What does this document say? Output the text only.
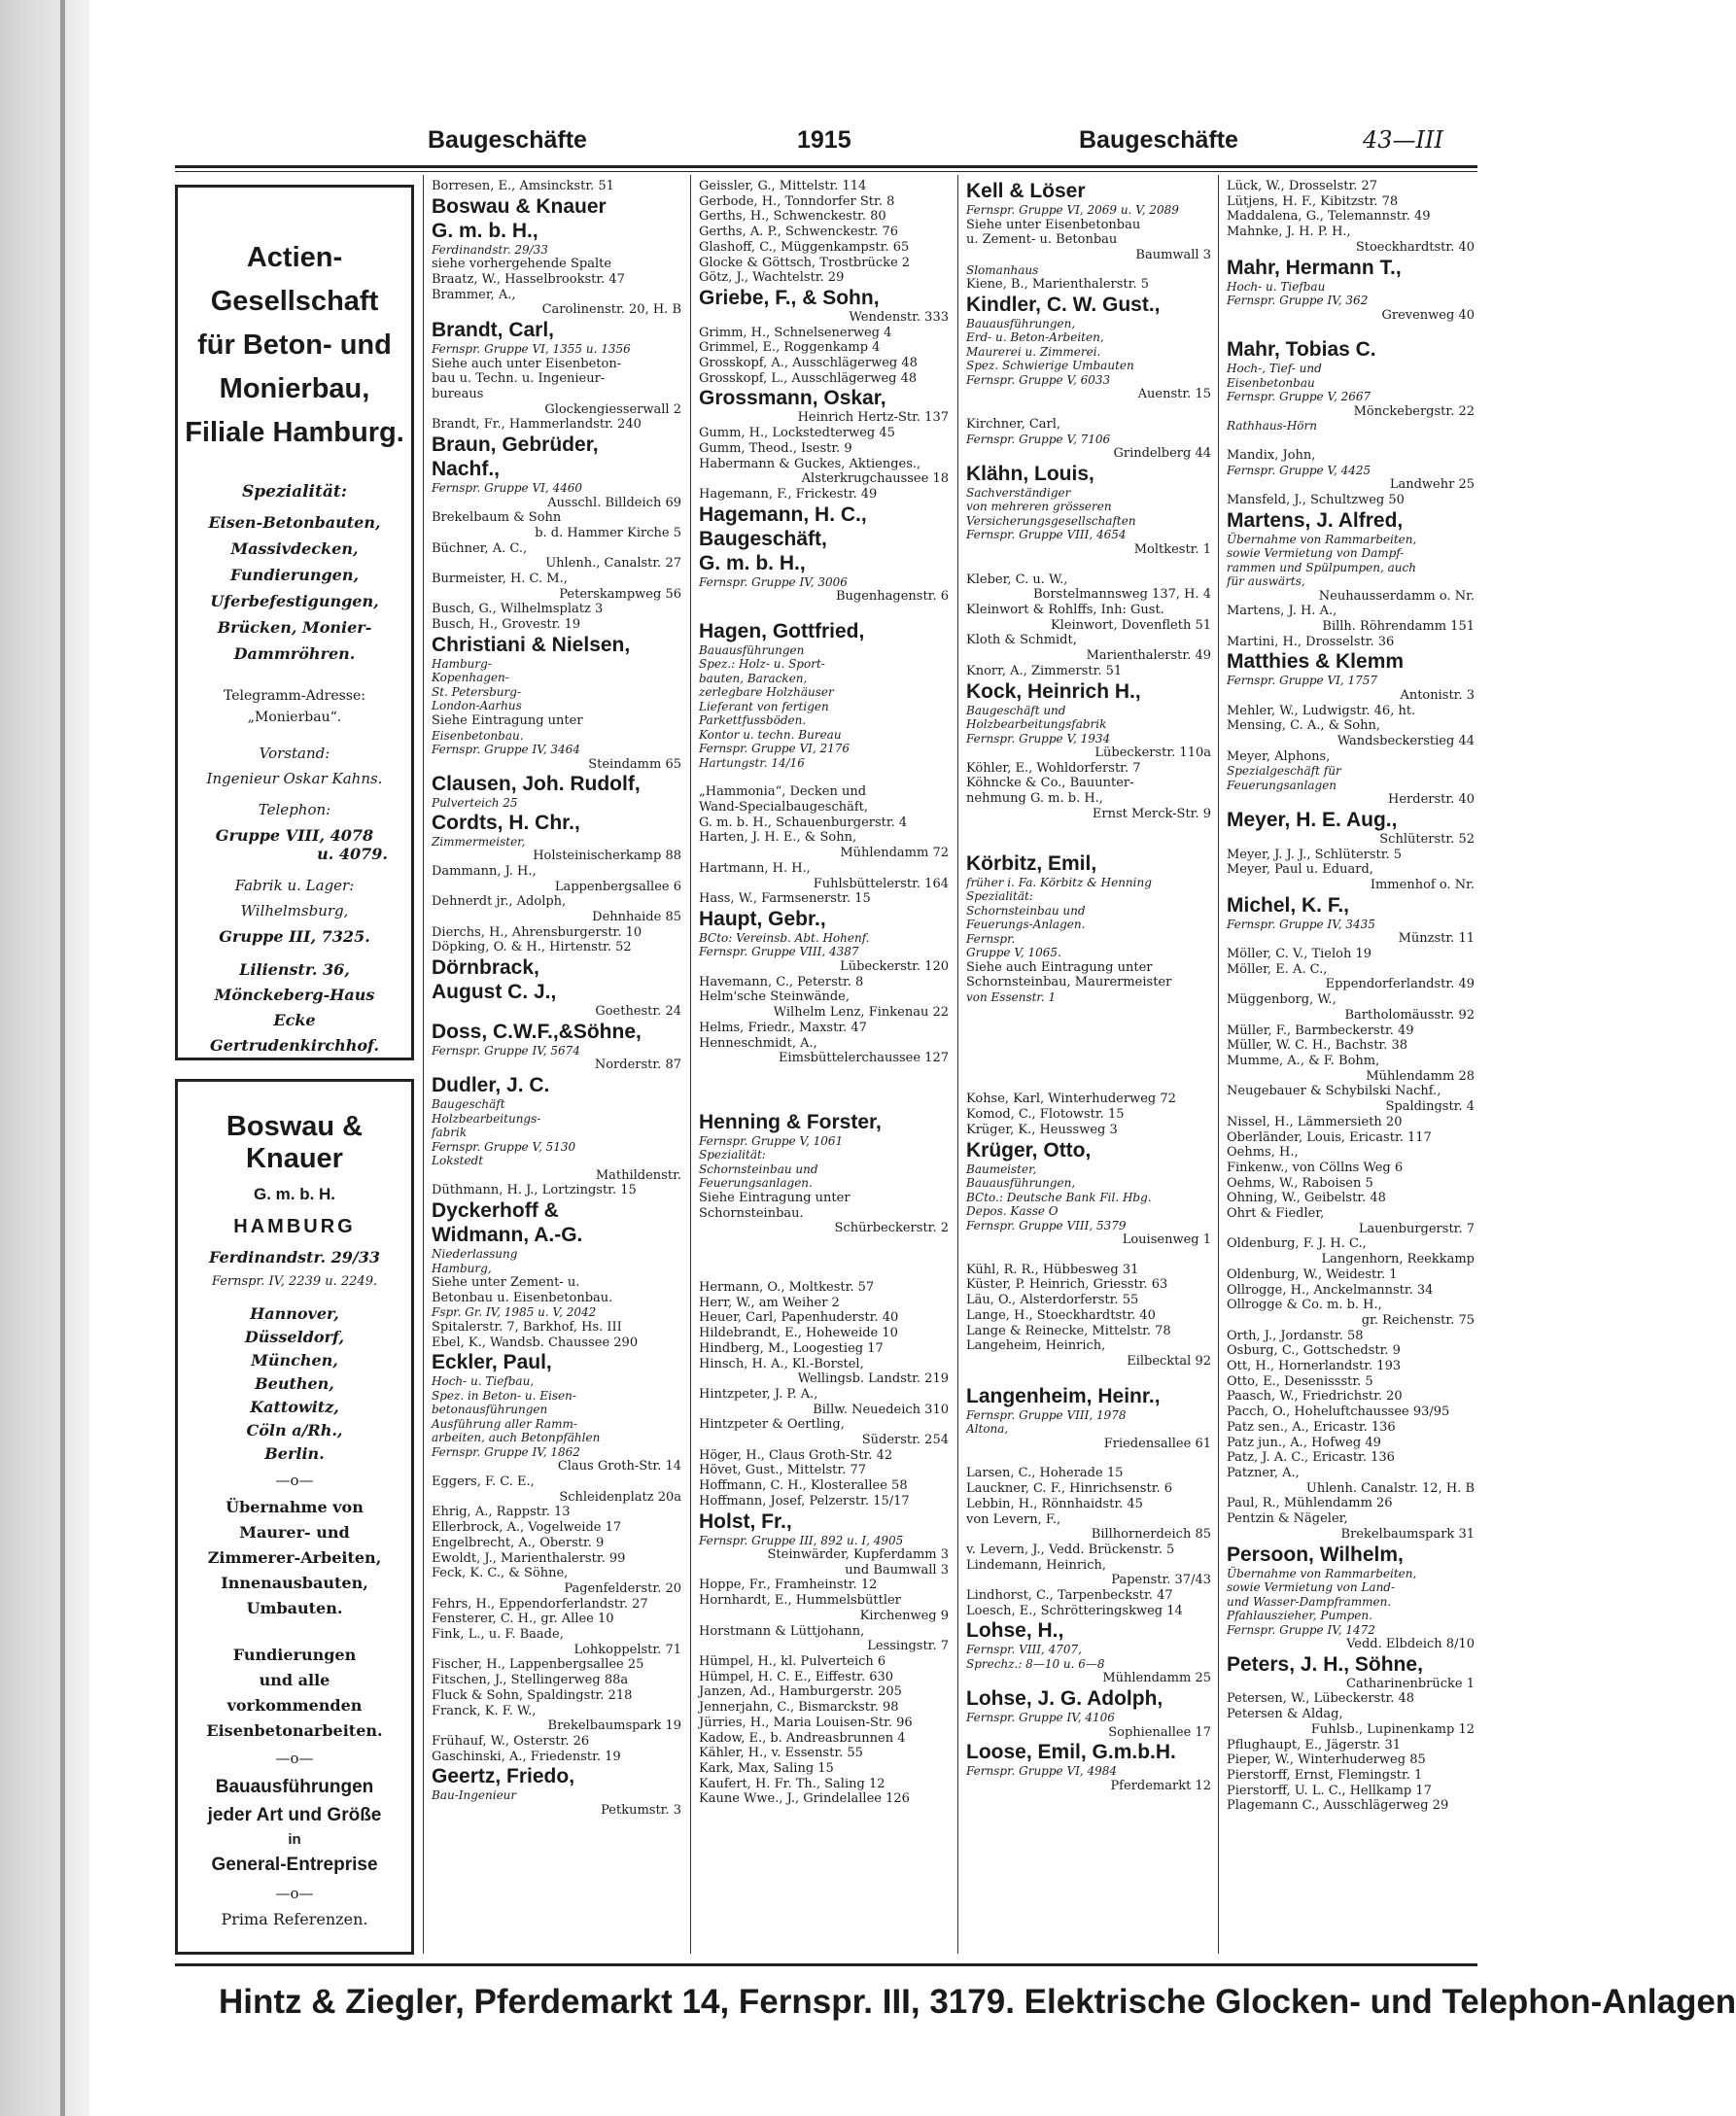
Baugeschäfte	1915	Baugeschäfte	43—III
Actien-Gesellschaft
für Beton- und
Monierbau,
Filiale Hamburg.
Spezialität:
Eisen-Betonbauten,
Massivdecken,
Fundierungen,
Uferbefestigungen,
Brücken, Monier-
Dammröhren.
Telegramm-Adresse:
„Monierbau“.
Vorstand:
Ingenieur Oskar Kahns.
Telephon:
Gruppe VIII, 4078
u. 4079.
Fabrik u. Lager:
Wilhelmsburg,
Gruppe III, 7325.
Lilienstr. 36,
Mönckeberg-Haus
Ecke
Gertrudenkirchhof.
Boswau & Knauer
G. m. b. H.
HAMBURG
Ferdinandstr. 29/33
Fernspr. IV, 2239 u. 2249.
Hannover,
Düsseldorf,
München,
Beuthen,
Kattowitz,
Cöln a/Rh.,
Berlin.
—o—
Übernahme von
Maurer- und
Zimmerer-Arbeiten,
Innenausbauten,
Umbauten.
Fundierungen
und alle
vorkommenden
Eisenbetonarbeiten.
—o—
Bauausführungen
jeder Art und Größe
in
General-Entreprise
—o—
Prima Referenzen.
Borresen, E., Amsinckstr. 51
Boswau & Knauer
G. m. b. H.,
Ferdinandstr. 29/33
siehe vorhergehende Spalte
Braatz, W., Hasselbrookstr. 47
Brammer, A.,
Carolinenstr. 20, H. B
Brandt, Carl,
Fernspr. Gruppe VI, 1355 u. 1356
Siehe auch unter Eisenbeton-
bau u. Techn. u. Ingenieur-
bureaus
Glockengiesserwall 2
Brandt, Fr., Hammerlandstr. 240
Braun, Gebrüder,
Nachf.,
Fernspr. Gruppe VI, 4460
Ausschl. Billdeich 69
Brekelbaum & Sohn
b. d. Hammer Kirche 5
Büchner, A. C.,
Uhlenh., Canalstr. 27
Burmeister, H. C. M.,
Peterskampweg 56
Busch, G., Wilhelmsplatz 3
Busch, H., Grovestr. 19
Christiani & Nielsen,
Hamburg-
Kopenhagen-
St. Petersburg-
London-Aarhus
Siehe Eintragung unter
Eisenbetonbau.
Fernspr. Gruppe IV, 3464
Steindamm 65
Clausen, Joh. Rudolf,
Pulverteich 25
Cordts, H. Chr.,
Zimmermeister,
Holsteinischerkamp 88
Dammann, J. H.,
Lappenbergsallee 6
Dehnerdt jr., Adolph,
Dehnhaide 85
Dierchs, H., Ahrensburgerstr. 10
Döpking, O. & H., Hirtenstr. 52
Dörnbrack,
August C. J.,
Goethestr. 24
Doss, C.W.F.,&Söhne,
Fernspr. Gruppe IV, 5674
Norderstr. 87
Dudler, J. C.
Baugeschäft
Holzbearbeitungs-
fabrik
Fernspr. Gruppe V, 5130
Lokstedt
Mathildenstr.
Düthmann, H. J., Lortzingstr. 15
Dyckerhoff &
Widmann, A.-G.
Niederlassung
Hamburg,
Siehe unter Zement- u.
Betonbau u. Eisenbetonbau.
Fspr. Gr. IV, 1985 u. V, 2042
Spitalerstr. 7, Barkhof, Hs. III
Ebel, K., Wandsb. Chaussee 290
Eckler, Paul,
Hoch- u. Tiefbau,
Spez. in Beton- u. Eisen-
betonausführungen
Ausführung aller Ramm-
arbeiten, auch Betonpfählen
Fernspr. Gruppe IV, 1862
Claus Groth-Str. 14
Eggers, F. C. E.,
Schleidenplatz 20a
Ehrig, A., Rappstr. 13
Ellerbrock, A., Vogelweide 17
Engelbrecht, A., Oberstr. 9
Ewoldt, J., Marienthalerstr. 99
Feck, K. C., & Söhne,
Pagenfelderstr. 20
Fehrs, H., Eppendorferlandstr. 27
Fensterer, C. H., gr. Allee 10
Fink, L., u. F. Baade,
Lohkoppelstr. 71
Fischer, H., Lappenbergsallee 25
Fitschen, J., Stellingerweg 88a
Fluck & Sohn, Spaldingstr. 218
Franck, K. F. W.,
Brekelbaumspark 19
Frühauf, W., Osterstr. 26
Gaschinski, A., Friedenstr. 19
Geertz, Friedo,
Bau-Ingenieur
Petkumstr. 3
Geissler, G., Mittelstr. 114
Gerbode, H., Tonndorfer Str. 8
Gerths, H., Schwenckestr. 80
Gerths, A. P., Schwenckestr. 76
Glashoff, C., Müggenkampstr. 65
Glocke & Göttsch, Trostbrücke 2
Götz, J., Wachtelstr. 29
Griebe, F., & Sohn,
Wendenstr. 333
Grimm, H., Schnelsenerweg 4
Grimmel, E., Roggenkamp 4
Grosskopf, A., Ausschlägerweg 48
Grosskopf, L., Ausschlägerweg 48
Grossmann, Oskar,
Heinrich Hertz-Str. 137
Gumm, H., Lockstedterweg 45
Gumm, Theod., Isestr. 9
Habermann & Guckes, Aktienges.,
Alsterkrugchaussee 18
Hagemann, F., Frickestr. 49
Hagemann, H. C.,
Baugeschäft,
G. m. b. H.,
Fernspr. Gruppe IV, 3006
Bugenhagenstr. 6
Hagen, Gottfried,
Bauausführungen
Spez.: Holz- u. Sport-
bauten, Baracken,
zerlegbare Holzhäuser
Lieferant von fertigen
Parkettfussböden.
Kontor u. techn. Bureau
Fernspr. Gruppe VI, 2176
Hartungstr. 14/16
„Hammonia“, Decken und
Wand-Specialbaugeschäft,
G. m. b. H., Schauenburgerstr. 4
Harten, J. H. E., & Sohn,
Mühlendamm 72
Hartmann, H. H.,
Fuhlsbüttelerstr. 164
Hass, W., Farmsenerstr. 15
Haupt, Gebr.,
BCto: Vereinsb. Abt. Hohenf.
Fernspr. Gruppe VIII, 4387
Lübeckerstr. 120
Havemann, C., Peterstr. 8
Helm'sche Steinwände,
Wilhelm Lenz, Finkenau 22
Helms, Friedr., Maxstr. 47
Henneschmidt, A.,
Eimsbüttelerchaussee 127
Henning & Forster,
Fernspr. Gruppe V, 1061
Spezialität:
Schornsteinbau und
Feuerungsanlagen.
Siehe Eintragung unter
Schornsteinbau.
Schürbeckerstr. 2
Hermann, O., Moltkestr. 57
Herr, W., am Weiher 2
Heuer, Carl, Papenhuderstr. 40
Hildebrandt, E., Hoheweide 10
Hindberg, M., Loogestieg 17
Hinsch, H. A., Kl.-Borstel,
Wellingsb. Landstr. 219
Hintzpeter, J. P. A.,
Billw. Neuedeich 310
Hintzpeter & Oertling,
Süderstr. 254
Höger, H., Claus Groth-Str. 42
Hövet, Gust., Mittelstr. 77
Hoffmann, C. H., Klosterallee 58
Hoffmann, Josef, Pelzerstr. 15/17
Holst, Fr.,
Fernspr. Gruppe III, 892 u. I, 4905
Steinwärder, Kupferdamm 3
und Baumwall 3
Hoppe, Fr., Framheinstr. 12
Hornhardt, E., Hummelsbüttler
Kirchenweg 9
Horstmann & Lüttjohann,
Lessingstr. 7
Hümpel, H., kl. Pulverteich 6
Hümpel, H. C. E., Eiffestr. 630
Janzen, Ad., Hamburgerstr. 205
Jennerjahn, C., Bismarckstr. 98
Jürries, H., Maria Louisen-Str. 96
Kadow, E., b. Andreasbrunnen 4
Kähler, H., v. Essenstr. 55
Kark, Max, Saling 15
Kaufert, H. Fr. Th., Saling 12
Kaune Wwe., J., Grindelallee 126
Kell & Löser
Fernspr. Gruppe VI, 2069 u. V, 2089
Siehe unter Eisenbetonbau
u. Zement- u. Betonbau
Baumwall 3
Slomanhaus
Kiene, B., Marienthalerstr. 5
Kindler, C. W. Gust.,
Bauausführungen,
Erd- u. Beton-Arbeiten,
Maurerei u. Zimmerei.
Spez. Schwierige Umbauten
Fernspr. Gruppe V, 6033
Auenstr. 15
Kirchner, Carl,
Fernspr. Gruppe V, 7106
Grindelberg 44
Klähn, Louis,
Sachverständiger
von mehreren grösseren
Versicherungsgesellschaften
Fernspr. Gruppe VIII, 4654
Moltkestr. 1
Kleber, C. u. W.,
Borstelmannsweg 137, H. 4
Kleinwort & Rohlffs, Inh: Gust.
Kleinwort, Dovenfleth 51
Kloth & Schmidt,
Marienthalerstr. 49
Knorr, A., Zimmerstr. 51
Kock, Heinrich H.,
Baugeschäft und
Holzbearbeitungsfabrik
Fernspr. Gruppe V, 1934
Lübeckerstr. 110a
Köhler, E., Wohldorferstr. 7
Köhncke & Co., Bauunter-
nehmung G. m. b. H.,
Ernst Merck-Str. 9
Körbitz, Emil,
früher i. Fa. Körbitz & Henning
Spezialität:
Schornsteinbau und
Feuerungs-Anlagen.
Fernspr.
Gruppe V, 1065.
Siehe auch Eintragung unter
Schornsteinbau, Maurermeister
von Essenstr. 1
Kohse, Karl, Winterhuderweg 72
Komod, C., Flotowstr. 15
Krüger, K., Heussweg 3
Krüger, Otto,
Baumeister,
Bauausführungen,
BCto.: Deutsche Bank Fil. Hbg.
Depos. Kasse O
Fernspr. Gruppe VIII, 5379
Louisenweg 1
Kühl, R. R., Hübbesweg 31
Küster, P. Heinrich, Griesstr. 63
Läu, O., Alsterdorferstr. 55
Lange, H., Stoeckhardtstr. 40
Lange & Reinecke, Mittelstr. 78
Langeheim, Heinrich,
Eilbecktal 92
Langenheim, Heinr.,
Fernspr. Gruppe VIII, 1978
Altona,
Friedensallee 61
Larsen, C., Hoherade 15
Lauckner, C. F., Hinrichsenstr. 6
Lebbin, H., Rönnhaidstr. 45
von Levern, F.,
Billhornerdeich 85
v. Levern, J., Vedd. Brückenstr. 5
Lindemann, Heinrich,
Papenstr. 37/43
Lindhorst, C., Tarpenbeckstr. 47
Loesch, E., Schrötteringskweg 14
Lohse, H.,
Fernspr. VIII, 4707,
Sprechz.: 8—10 u. 6—8
Mühlendamm 25
Lohse, J. G. Adolph,
Fernspr. Gruppe IV, 4106
Sophienallee 17
Loose, Emil, G.m.b.H.
Fernspr. Gruppe VI, 4984
Pferdemarkt 12
Lück, W., Drosselstr. 27
Lütjens, H. F., Kibitzstr. 78
Maddalena, G., Telemannstr. 49
Mahnke, J. H. P. H.,
Stoeckhardtstr. 40
Mahr, Hermann T.,
Hoch- u. Tiefbau
Fernspr. Gruppe IV, 362
Grevenweg 40
Mahr, Tobias C.
Hoch-, Tief- und
Eisenbetonbau
Fernspr. Gruppe V, 2667
Mönckebergstr. 22
Rathhaus-Hörn
Mandix, John,
Fernspr. Gruppe V, 4425
Landwehr 25
Mansfeld, J., Schultzweg 50
Martens, J. Alfred,
Übernahme von Rammarbeiten,
sowie Vermietung von Dampf-
rammen und Spülpumpen, auch
für auswärts,
Neuhausserdamm o. Nr.
Martens, J. H. A.,
Billh. Röhrendamm 151
Martini, H., Drosselstr. 36
Matthies & Klemm
Fernspr. Gruppe VI, 1757
Antonistr. 3
Mehler, W., Ludwigstr. 46, ht.
Mensing, C. A., & Sohn,
Wandsbeckerstieg 44
Meyer, Alphons,
Spezialgeschäft für
Feuerungsanlagen
Herderstr. 40
Meyer, H. E. Aug.,
Schlüterstr. 52
Meyer, J. J. J., Schlüterstr. 5
Meyer, Paul u. Eduard,
Immenhof o. Nr.
Michel, K. F.,
Fernspr. Gruppe IV, 3435
Münzstr. 11
Möller, C. V., Tieloh 19
Möller, E. A. C.,
Eppendorferlandstr. 49
Müggenborg, W.,
Bartholomäusstr. 92
Müller, F., Barmbeckerstr. 49
Müller, W. C. H., Bachstr. 38
Mumme, A., & F. Bohm,
Mühlendamm 28
Neugebauer & Schybilski Nachf.,
Spaldingstr. 4
Nissel, H., Lämmersieth 20
Oberländer, Louis, Ericastr. 117
Oehms, H.,
Finkenw., von Cöllns Weg 6
Oehms, W., Raboisen 5
Ohning, W., Geibelstr. 48
Ohrt & Fiedler,
Lauenburgerstr. 7
Oldenburg, F. J. H. C.,
Langenhorn, Reekkamp
Oldenburg, W., Weidestr. 1
Ollrogge, H., Anckelmannstr. 34
Ollrogge & Co. m. b. H.,
gr. Reichenstr. 75
Orth, J., Jordanstr. 58
Osburg, C., Gottschedstr. 9
Ott, H., Hornerlandstr. 193
Otto, E., Desenissstr. 5
Paasch, W., Friedrichstr. 20
Pacch, O., Hoheluftchaussee 93/95
Patz sen., A., Ericastr. 136
Patz jun., A., Hofweg 49
Patz, J. A. C., Ericastr. 136
Patzner, A.,
Uhlenh. Canalstr. 12, H. B
Paul, R., Mühlendamm 26
Pentzin & Nägeler,
Brekelbaumspark 31
Persoon, Wilhelm,
Übernahme von Rammarbeiten,
sowie Vermietung von Land-
und Wasser-Dampframmen.
Pfahlauszieher, Pumpen.
Fernspr. Gruppe IV, 1472
Vedd. Elbdeich 8/10
Peters, J. H., Söhne,
Catharinenbrücke 1
Petersen, W., Lübeckerstr. 48
Petersen & Aldag,
Fuhlsb., Lupinenkamp 12
Pflughaupt, E., Jägerstr. 31
Pieper, W., Winterhuderweg 85
Pierstorff, Ernst, Flemingstr. 1
Pierstorff, U. L. C., Hellkamp 17
Plagemann C., Ausschlägerweg 29
Hintz & Ziegler, Pferdemarkt 14, Fernspr. III, 3179. Elektrische Glocken- und Telephon-Anlagen
